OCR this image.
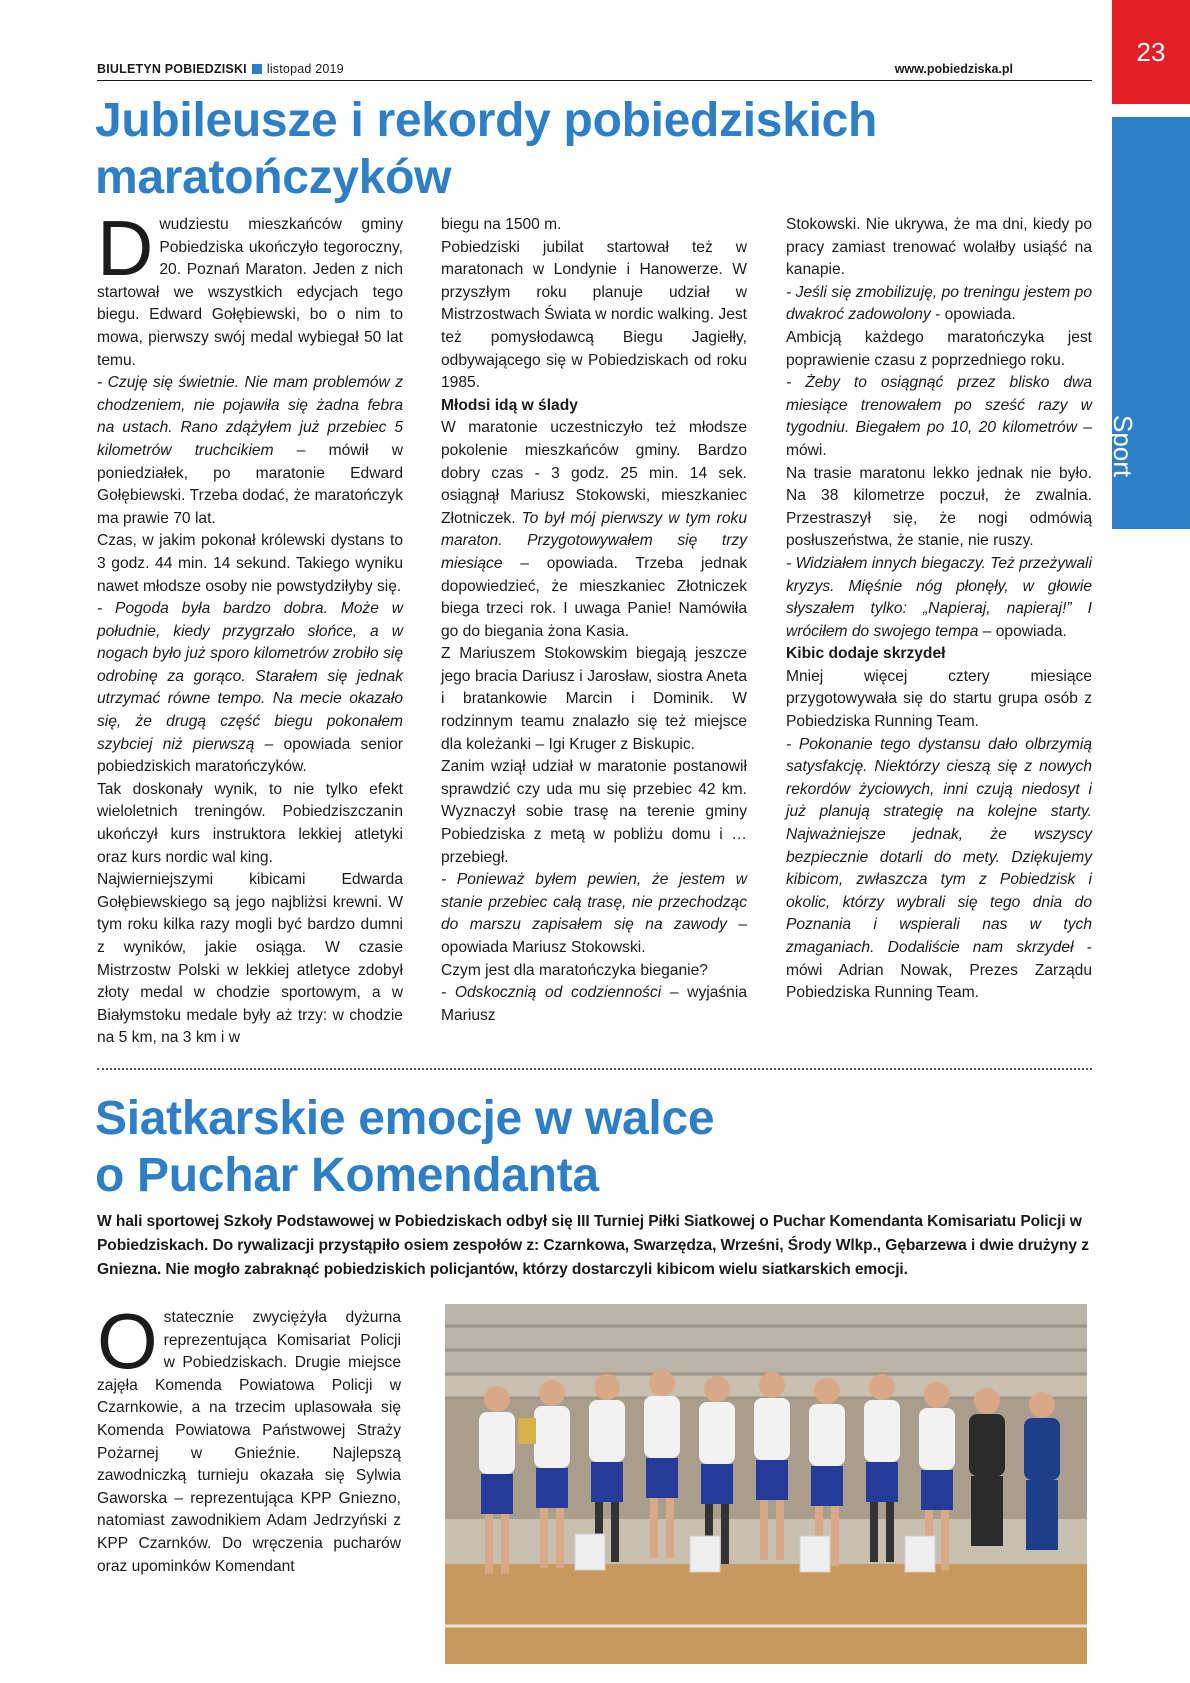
BIULETYN POBIEDZISKI listopad 2019	www.pobiedziska.pl
23
Sport
Jubileusze i rekordy pobiedziskich
maratończyków

Dwudziestu mieszkańców gminy Pobiedziska ukończyło tegoroczny, 20. Poznań Maraton. Jeden z nich startował we wszystkich edycjach tego biegu. Edward Gołębiewski, bo o nim to mowa, pierwszy swój medal wybiegał 50 lat temu.

- Czuję się świetnie. Nie mam problemów z chodzeniem, nie pojawiła się żadna febra na ustach. Rano zdążyłem już przebiec 5 kilometrów truchcikiem – mówił w poniedziałek, po maratonie Edward Gołębiewski. Trzeba dodać, że maratończyk ma prawie 70 lat.

Czas, w jakim pokonał królewski dystans to 3 godz. 44 min. 14 sekund. Takiego wyniku nawet młodsze osoby nie powstydziłyby się.

- Pogoda była bardzo dobra. Może w południe, kiedy przygrzało słońce, a w nogach było już sporo kilometrów zrobiło się odrobinę za gorąco. Starałem się jednak utrzymać równe tempo. Na mecie okazało się, że drugą część biegu pokonałem szybciej niż pierwszą – opowiada senior pobiedziskich maratończyków.

Tak doskonały wynik, to nie tylko efekt wieloletnich treningów. Pobiedziszczanin ukończył kurs instruktora lekkiej atletyki oraz kurs nordic wal king.

Najwierniejszymi kibicami Edwarda Gołębiewskiego są jego najbliżsi krewni. W tym roku kilka razy mogli być bardzo dumni z wyników, jakie osiąga. W czasie Mistrzostw Polski w lekkiej atletyce zdobył złoty medal w chodzie sportowym, a w Białymstoku medale były aż trzy: w chodzie na 5 km, na 3 km i w

biegu na 1500 m.

Pobiedziski jubilat startował też w maratonach w Londynie i Hanowerze. W przyszłym roku planuje udział w Mistrzostwach Świata w nordic walking. Jest też pomysłodawcą Biegu Jagiełły, odbywającego się w Pobiedziskach od roku 1985.

Młodsi idą w ślady

W maratonie uczestniczyło też młodsze pokolenie mieszkańców gminy. Bardzo dobry czas - 3 godz. 25 min. 14 sek. osiągnął Mariusz Stokowski, mieszkaniec Złotniczek. To był mój pierwszy w tym roku maraton. Przygotowywałem się trzy miesiące – opowiada. Trzeba jednak dopowiedzieć, że mieszkaniec Złotniczek biega trzeci rok. I uwaga Panie! Namówiła go do biegania żona Kasia.

Z Mariuszem Stokowskim biegają jeszcze jego bracia Dariusz i Jarosław, siostra Aneta i bratankowie Marcin i Dominik. W rodzinnym teamu znalazło się też miejsce dla koleżanki – Igi Kruger z Biskupic.

Zanim wziął udział w maratonie postanowił sprawdzić czy uda mu się przebiec 42 km. Wyznaczył sobie trasę na terenie gminy Pobiedziska z metą w pobliżu domu i … przebiegł.

- Ponieważ byłem pewien, że jestem w stanie przebiec całą trasę, nie przechodząc do marszu zapisałem się na zawody – opowiada Mariusz Stokowski.

Czym jest dla maratończyka bieganie?

- Odskocznią od codzienności – wyjaśnia Mariusz

Stokowski. Nie ukrywa, że ma dni, kiedy po pracy zamiast trenować wolałby usiąść na kanapie.

- Jeśli się zmobilizuję, po treningu jestem po dwakroć zadowolony - opowiada.

Ambicją każdego maratończyka jest poprawienie czasu z poprzedniego roku.

- Żeby to osiągnąć przez blisko dwa miesiące trenowałem po sześć razy w tygodniu. Biegałem po 10, 20 kilometrów – mówi.

Na trasie maratonu lekko jednak nie było. Na 38 kilometrze poczuł, że zwalnia. Przestraszył się, że nogi odmówią posłuszeństwa, że stanie, nie ruszy.

- Widziałem innych biegaczy. Też przeżywali kryzys. Mięśnie nóg płonęły, w głowie słyszałem tylko: „Napieraj, napieraj!” I wróciłem do swojego tempa – opowiada.

Kibic dodaje skrzydeł

Mniej więcej cztery miesiące przygotowywała się do startu grupa osób z Pobiedziska Running Team.

- Pokonanie tego dystansu dało olbrzymią satysfakcję. Niektórzy cieszą się z nowych rekordów życiowych, inni czują niedosyt i już planują strategię na kolejne starty. Najważniejsze jednak, że wszyscy bezpiecznie dotarli do mety. Dziękujemy kibicom, zwłaszcza tym z Pobiedzisk i okolic, którzy wybrali się tego dnia do Poznania i wspierali nas w tych zmaganiach. Dodaliście nam skrzydeł - mówi Adrian Nowak, Prezes Zarządu Pobiedziska Running Team.

Siatkarskie emocje w walce
o Puchar Komendanta
W hali sportowej Szkoły Podstawowej w Pobiedziskach odbył się III Turniej Piłki Siatkowej o Puchar Komendanta Komisariatu Policji w Pobiedziskach. Do rywalizacji przystąpiło osiem zespołów z: Czarnkowa, Swarzędza, Wrześni, Środy Wlkp., Gębarzewa i dwie drużyny z Gniezna. Nie mogło zabraknąć pobiedziskich policjantów, którzy dostarczyli kibicom wielu siatkarskich emocji.

Ostatecznie zwyciężyła dyżurna reprezentująca Komisariat Policji w Pobiedziskach. Drugie miejsce zajęła Komenda Powiatowa Policji w Czarnkowie, a na trzecim uplasowała się Komenda Powiatowa Państwowej Straży Pożarnej w Gnieźnie. Najlepszą zawodniczką turnieju okazała się Sylwia Gaworska – reprezentująca KPP Gniezno, natomiast zawodnikiem Adam Jedrzyński z KPP Czarnków. Do wręczenia pucharów oraz upominków Komendant
